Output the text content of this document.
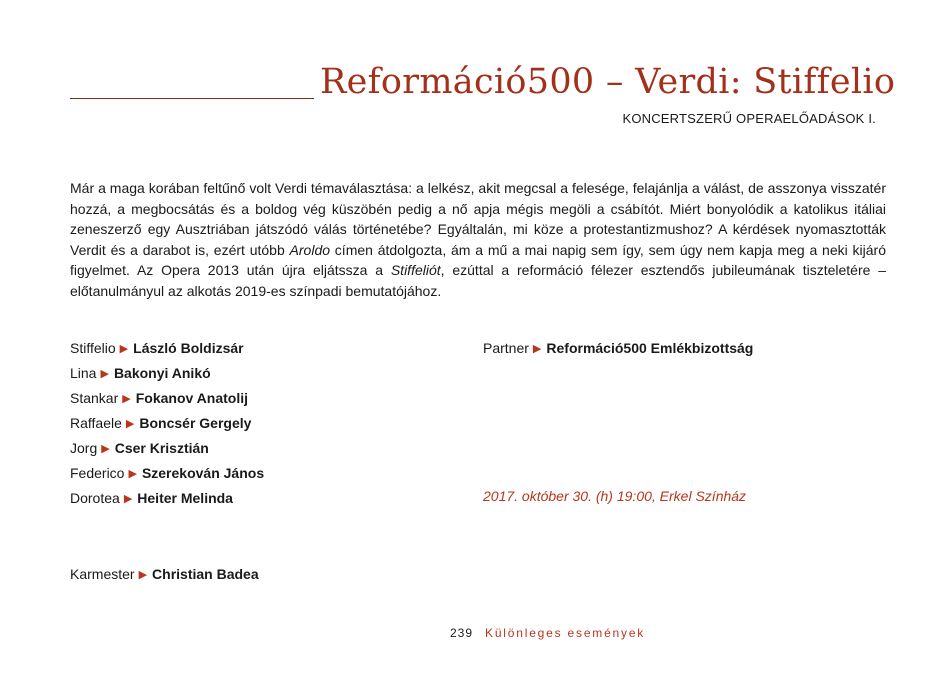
Reformáció500 – Verdi: Stiffelio
KONCERTSZERŰ OPERAELŐADÁSOK I.

Már a maga korában feltűnő volt Verdi témaválasztása: a lelkész, akit megcsal a felesége, felajánlja a válást, de asszonya visszatér hozzá, a megbocsátás és a boldog vég küszöbén pedig a nő apja mégis megöli a csábítót. Miért bonyolódik a katolikus itáliai zeneszerző egy Ausztriában játszódó válás történetébe? Egyáltalán, mi köze a protestantizmushoz? A kérdések nyomasztották Verdit és a darabot is, ezért utóbb Aroldo címen átdolgozta, ám a mű a mai napig sem így, sem úgy nem kapja meg a neki kijáró figyelmet. Az Opera 2013 után újra eljátssza a Stiffeliót, ezúttal a reformáció félezer esztendős jubileumának tiszteletére – előtanulmányul az alkotás 2019-es színpadi bemutatójához.

Stiffelio ▶ László Boldizsár
Lina ▶ Bakonyi Anikó
Stankar ▶ Fokanov Anatolij
Raffaele ▶ Boncsér Gergely
Jorg ▶ Cser Krisztián
Federico ▶ Szerekován János
Dorotea ▶ Heiter Melinda
Partner ▶ Reformáció500 Emlékbizottság
2017. október 30. (h) 19:00, Erkel Színház
Karmester ▶ Christian Badea
239 Különleges események
